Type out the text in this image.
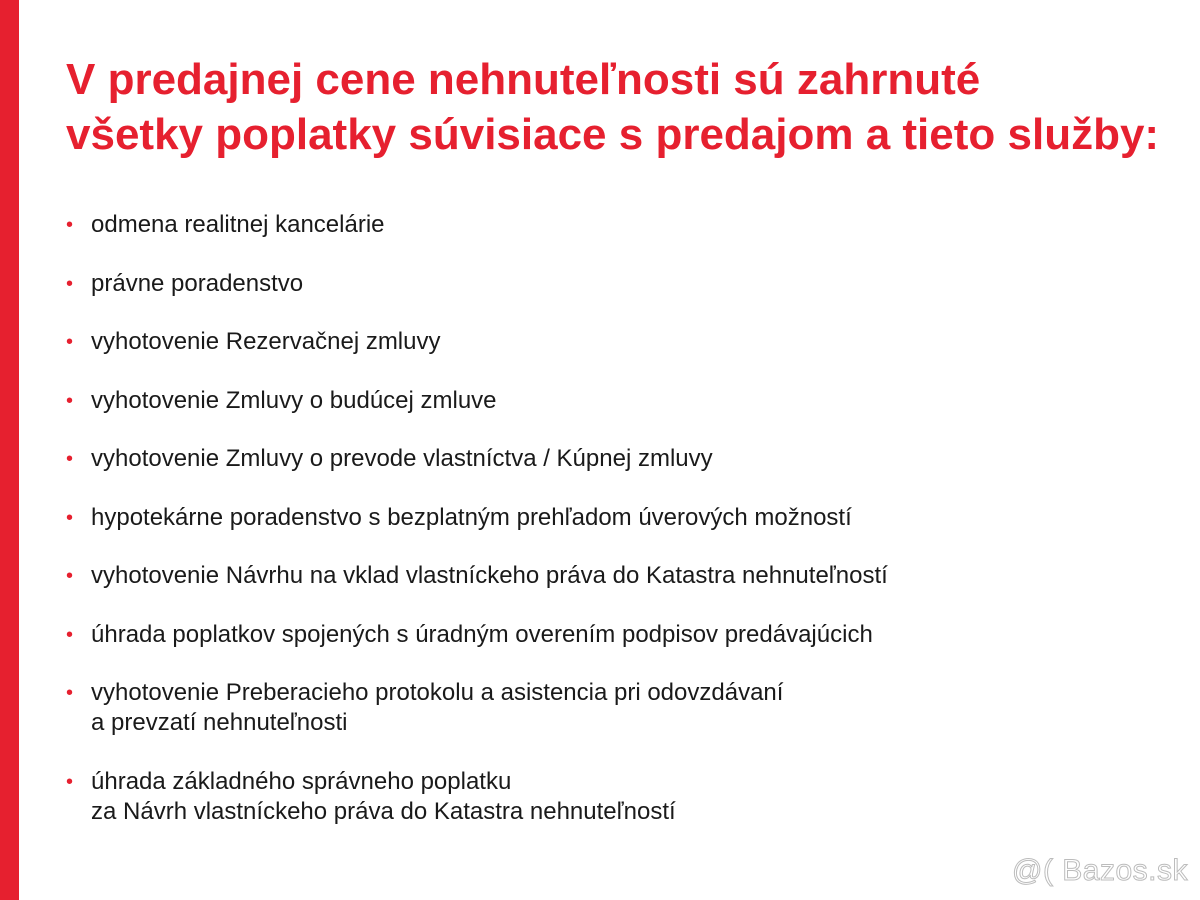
V predajnej cene nehnuteľnosti sú zahrnuté
všetky poplatky súvisiace s predajom a tieto služby:
• odmena realitnej kancelárie
• právne poradenstvo
• vyhotovenie Rezervačnej zmluvy
• vyhotovenie Zmluvy o budúcej zmluve
• vyhotovenie Zmluvy o prevode vlastníctva / Kúpnej zmluvy
• hypotekárne poradenstvo s bezplatným prehľadom úverových možností
• vyhotovenie Návrhu na vklad vlastníckeho práva do Katastra nehnuteľností
• úhrada poplatkov spojených s úradným overením podpisov predávajúcich
• vyhotovenie Preberacieho protokolu a asistencia pri odovzdávaní
a prevzatí nehnuteľnosti
• úhrada základného správneho poplatku
za Návrh vlastníckeho práva do Katastra nehnuteľností
@( Bazos.sk
